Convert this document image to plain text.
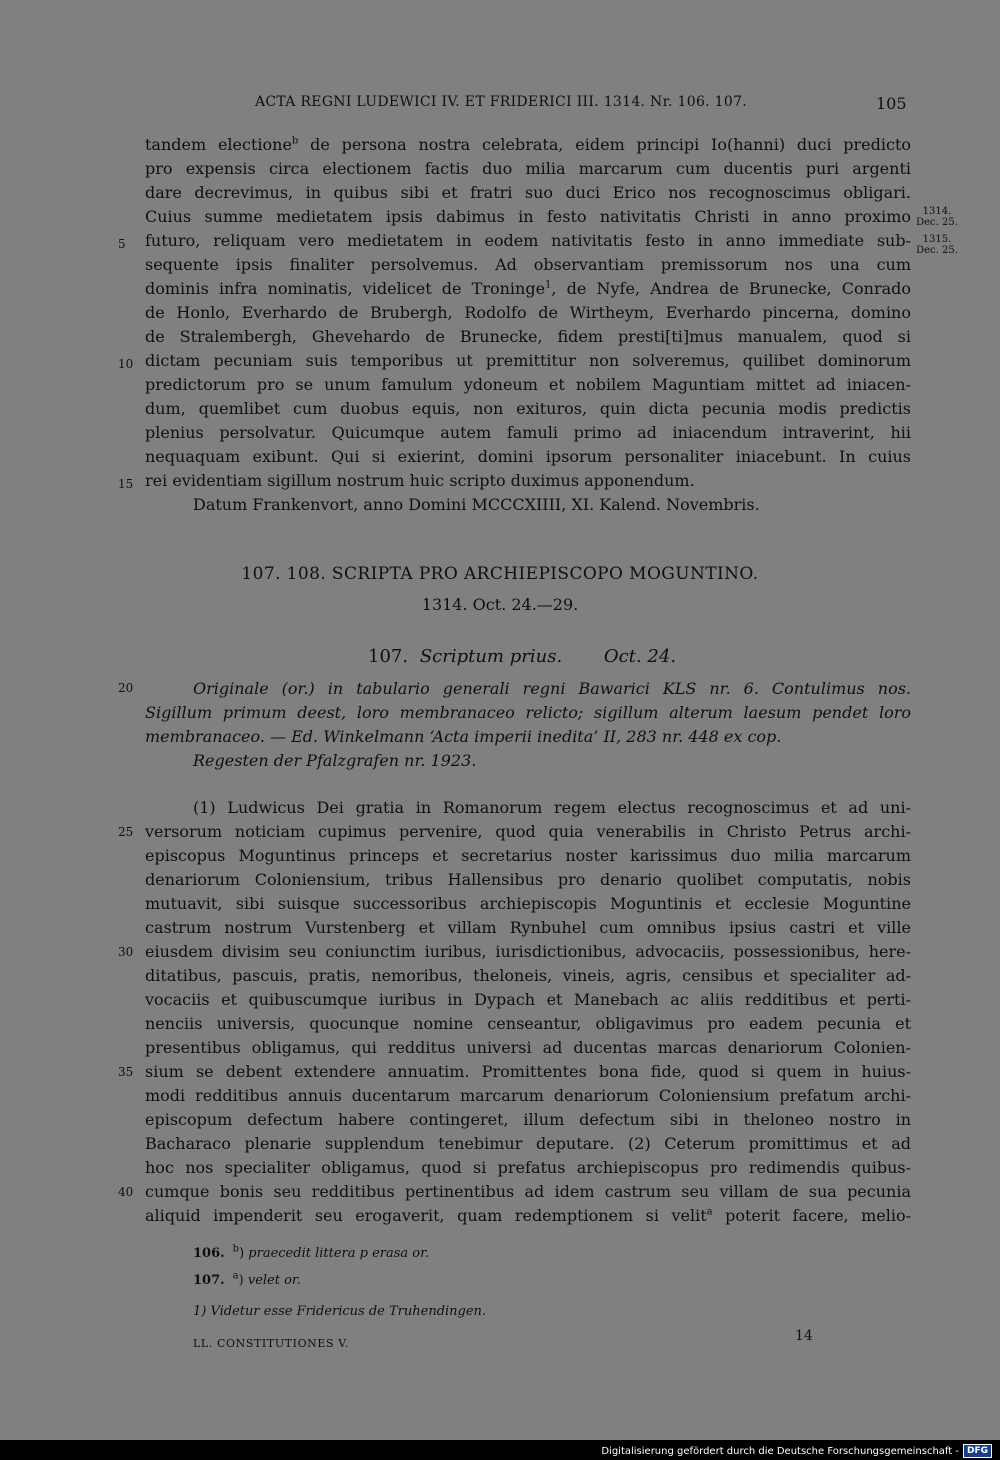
ACTA REGNI LUDEWICI IV. ET FRIDERICI III. 1314. Nr. 106. 107.	105
tandem electione$^b$ de persona nostra celebrata, eidem principi Io(hanni) duci predicto
pro expensis circa electionem factis duo milia marcarum cum ducentis puri argenti
dare decrevimus, in quibus sibi et fratri suo duci Erico nos recognoscimus obligari.
Cuius summe medietatem ipsis dabimus in festo nativitatis Christi in anno proximo
futuro, reliquam vero medietatem in eodem nativitatis festo in anno immediate sub-
sequente ipsis finaliter persolvemus. Ad observantiam premissorum nos una cum
dominis infra nominatis, videlicet de Troninge$^1$, de Nyfe, Andrea de Brunecke, Conrado
de Honlo, Everhardo de Brubergh, Rodolfo de Wirtheym, Everhardo pincerna, domino
de Stralembergh, Ghevehardo de Brunecke, fidem presti[ti]mus manualem, quod si
dictam pecuniam suis temporibus ut premittitur non solveremus, quilibet dominorum
predictorum pro se unum famulum ydoneum et nobilem Maguntiam mittet ad iniacen-
dum, quemlibet cum duobus equis, non exituros, quin dicta pecunia modis predictis
plenius persolvatur. Quicumque autem famuli primo ad iniacendum intraverint, hii
nequaquam exibunt. Qui si exierint, domini ipsorum personaliter iniacebunt. In cuius
rei evidentiam sigillum nostrum huic scripto duximus apponendum.
Datum Frankenvort, anno Domini MCCCXIIII, XI. Kalend. Novembris.
1314.
Dec. 25.
1315.
Dec. 25.
5
10
15
107. 108. SCRIPTA PRO ARCHIEPISCOPO MOGUNTINO.
1314. Oct. 24.—29.
107. Scriptum prius. Oct. 24.
20	Originale (or.) in tabulario generali regni Bawarici KLS nr. 6. Contulimus nos.
Sigillum primum deest, loro membranaceo relicto; sigillum alterum laesum pendet loro
membranaceo. — Ed. Winkelmann ‘Acta imperii inedita’ II, 283 nr. 448 ex cop.
Regesten der Pfalzgrafen nr. 1923.
(1) Ludwicus Dei gratia in Romanorum regem electus recognoscimus et ad uni-
versorum noticiam cupimus pervenire, quod quia venerabilis in Christo Petrus archi-
episcopus Moguntinus princeps et secretarius noster karissimus duo milia marcarum
denariorum Coloniensium, tribus Hallensibus pro denario quolibet computatis, nobis
mutuavit, sibi suisque successoribus archiepiscopis Moguntinis et ecclesie Moguntine
castrum nostrum Vurstenberg et villam Rynbuhel cum omnibus ipsius castri et ville
eiusdem divisim seu coniunctim iuribus, iurisdictionibus, advocaciis, possessionibus, here-
ditatibus, pascuis, pratis, nemoribus, theloneis, vineis, agris, censibus et specialiter ad-
vocaciis et quibuscumque iuribus in Dypach et Manebach ac aliis redditibus et perti-
nenciis universis, quocunque nomine censeantur, obligavimus pro eadem pecunia et
presentibus obligamus, qui redditus universi ad ducentas marcas denariorum Colonien-
sium se debent extendere annuatim. Promittentes bona fide, quod si quem in huius-
modi redditibus annuis ducentarum marcarum denariorum Coloniensium prefatum archi-
episcopum defectum habere contingeret, illum defectum sibi in theloneo nostro in
Bacharaco plenarie supplendum tenebimur deputare. (2) Ceterum promittimus et ad
hoc nos specialiter obligamus, quod si prefatus archiepiscopus pro redimendis quibus-
cumque bonis seu redditibus pertinentibus ad idem castrum seu villam de sua pecunia
aliquid impenderit seu erogaverit, quam redemptionem si velit$^a$ poterit facere, melio-
25
30
35
40
106. $^b$) praecedit littera p erasa or.
107. $^a$) velet or.
1) Videtur esse Fridericus de Truhendingen.
LL. CONSTITUTIONES V.	14
Digitalisierung gefördert durch die Deutsche Forschungsgemeinschaft - DFG
